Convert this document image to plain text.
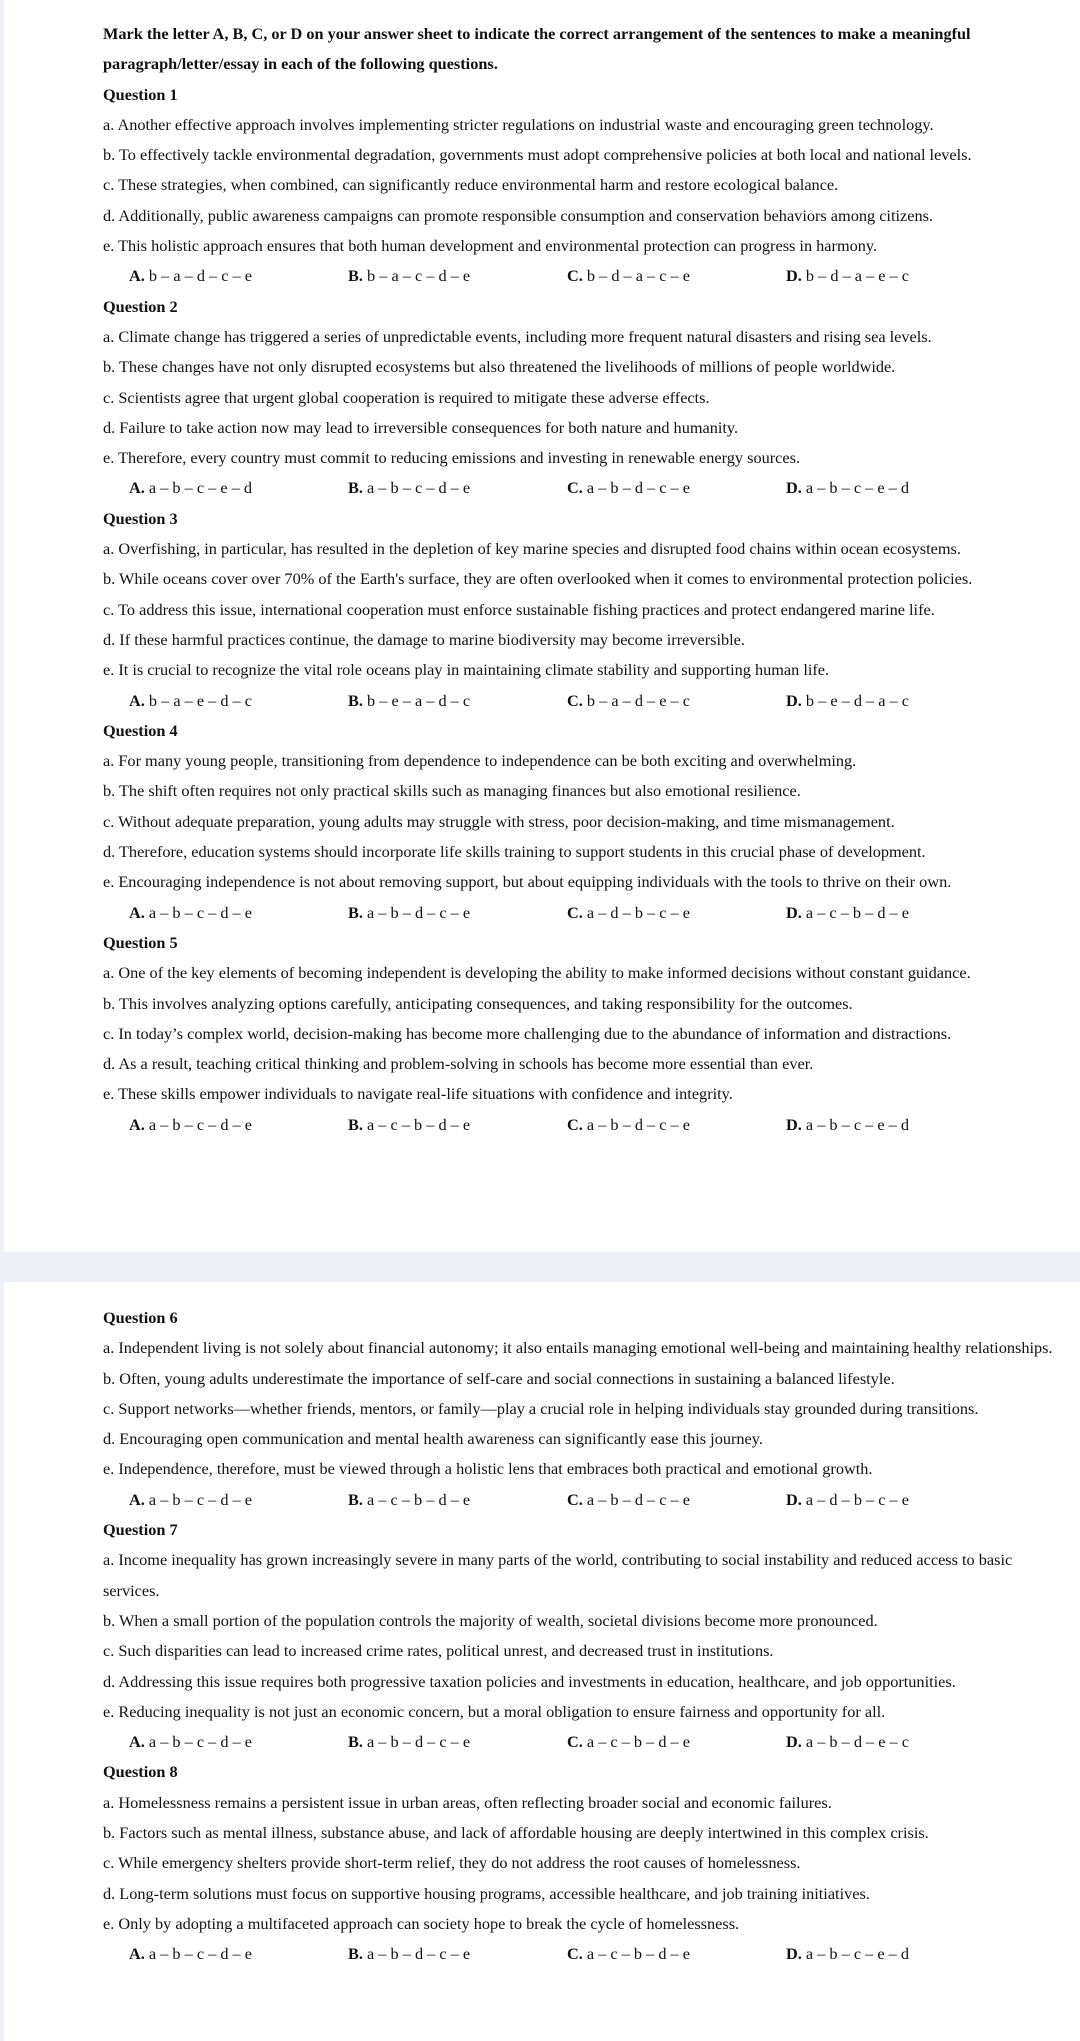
Mark the letter A, B, C, or D on your answer sheet to indicate the correct arrangement of the sentences to make a meaningful paragraph/letter/essay in each of the following questions.

Question 1

a. Another effective approach involves implementing stricter regulations on industrial waste and encouraging green technology.

b. To effectively tackle environmental degradation, governments must adopt comprehensive policies at both local and national levels.

c. These strategies, when combined, can significantly reduce environmental harm and restore ecological balance.

d. Additionally, public awareness campaigns can promote responsible consumption and conservation behaviors among citizens.

e. This holistic approach ensures that both human development and environmental protection can progress in harmony.

A. b – a – d – c – e	B. b – a – c – d – e	C. b – d – a – c – e	D. b – d – a – e – c

Question 2

a. Climate change has triggered a series of unpredictable events, including more frequent natural disasters and rising sea levels.

b. These changes have not only disrupted ecosystems but also threatened the livelihoods of millions of people worldwide.

c. Scientists agree that urgent global cooperation is required to mitigate these adverse effects.

d. Failure to take action now may lead to irreversible consequences for both nature and humanity.

e. Therefore, every country must commit to reducing emissions and investing in renewable energy sources.

A. a – b – c – e – d	B. a – b – c – d – e	C. a – b – d – c – e	D. a – b – c – e – d

Question 3

a. Overfishing, in particular, has resulted in the depletion of key marine species and disrupted food chains within ocean ecosystems.

b. While oceans cover over 70% of the Earth's surface, they are often overlooked when it comes to environmental protection policies.

c. To address this issue, international cooperation must enforce sustainable fishing practices and protect endangered marine life.

d. If these harmful practices continue, the damage to marine biodiversity may become irreversible.

e. It is crucial to recognize the vital role oceans play in maintaining climate stability and supporting human life.

A. b – a – e – d – c	B. b – e – a – d – c	C. b – a – d – e – c	D. b – e – d – a – c

Question 4

a. For many young people, transitioning from dependence to independence can be both exciting and overwhelming.

b. The shift often requires not only practical skills such as managing finances but also emotional resilience.

c. Without adequate preparation, young adults may struggle with stress, poor decision-making, and time mismanagement.

d. Therefore, education systems should incorporate life skills training to support students in this crucial phase of development.

e. Encouraging independence is not about removing support, but about equipping individuals with the tools to thrive on their own.

A. a – b – c – d – e	B. a – b – d – c – e	C. a – d – b – c – e	D. a – c – b – d – e

Question 5

a. One of the key elements of becoming independent is developing the ability to make informed decisions without constant guidance.

b. This involves analyzing options carefully, anticipating consequences, and taking responsibility for the outcomes.

c. In today’s complex world, decision-making has become more challenging due to the abundance of information and distractions.

d. As a result, teaching critical thinking and problem-solving in schools has become more essential than ever.

e. These skills empower individuals to navigate real-life situations with confidence and integrity.

A. a – b – c – d – e	B. a – c – b – d – e	C. a – b – d – c – e	D. a – b – c – e – d

Question 6

a. Independent living is not solely about financial autonomy; it also entails managing emotional well-being and maintaining healthy relationships.

b. Often, young adults underestimate the importance of self-care and social connections in sustaining a balanced lifestyle.

c. Support networks—whether friends, mentors, or family—play a crucial role in helping individuals stay grounded during transitions.

d. Encouraging open communication and mental health awareness can significantly ease this journey.

e. Independence, therefore, must be viewed through a holistic lens that embraces both practical and emotional growth.

A. a – b – c – d – e	B. a – c – b – d – e	C. a – b – d – c – e	D. a – d – b – c – e

Question 7

a. Income inequality has grown increasingly severe in many parts of the world, contributing to social instability and reduced access to basic services.

b. When a small portion of the population controls the majority of wealth, societal divisions become more pronounced.

c. Such disparities can lead to increased crime rates, political unrest, and decreased trust in institutions.

d. Addressing this issue requires both progressive taxation policies and investments in education, healthcare, and job opportunities.

e. Reducing inequality is not just an economic concern, but a moral obligation to ensure fairness and opportunity for all.

A. a – b – c – d – e	B. a – b – d – c – e	C. a – c – b – d – e	D. a – b – d – e – c

Question 8

a. Homelessness remains a persistent issue in urban areas, often reflecting broader social and economic failures.

b. Factors such as mental illness, substance abuse, and lack of affordable housing are deeply intertwined in this complex crisis.

c. While emergency shelters provide short-term relief, they do not address the root causes of homelessness.

d. Long-term solutions must focus on supportive housing programs, accessible healthcare, and job training initiatives.

e. Only by adopting a multifaceted approach can society hope to break the cycle of homelessness.

A. a – b – c – d – e	B. a – b – d – c – e	C. a – c – b – d – e	D. a – b – c – e – d
